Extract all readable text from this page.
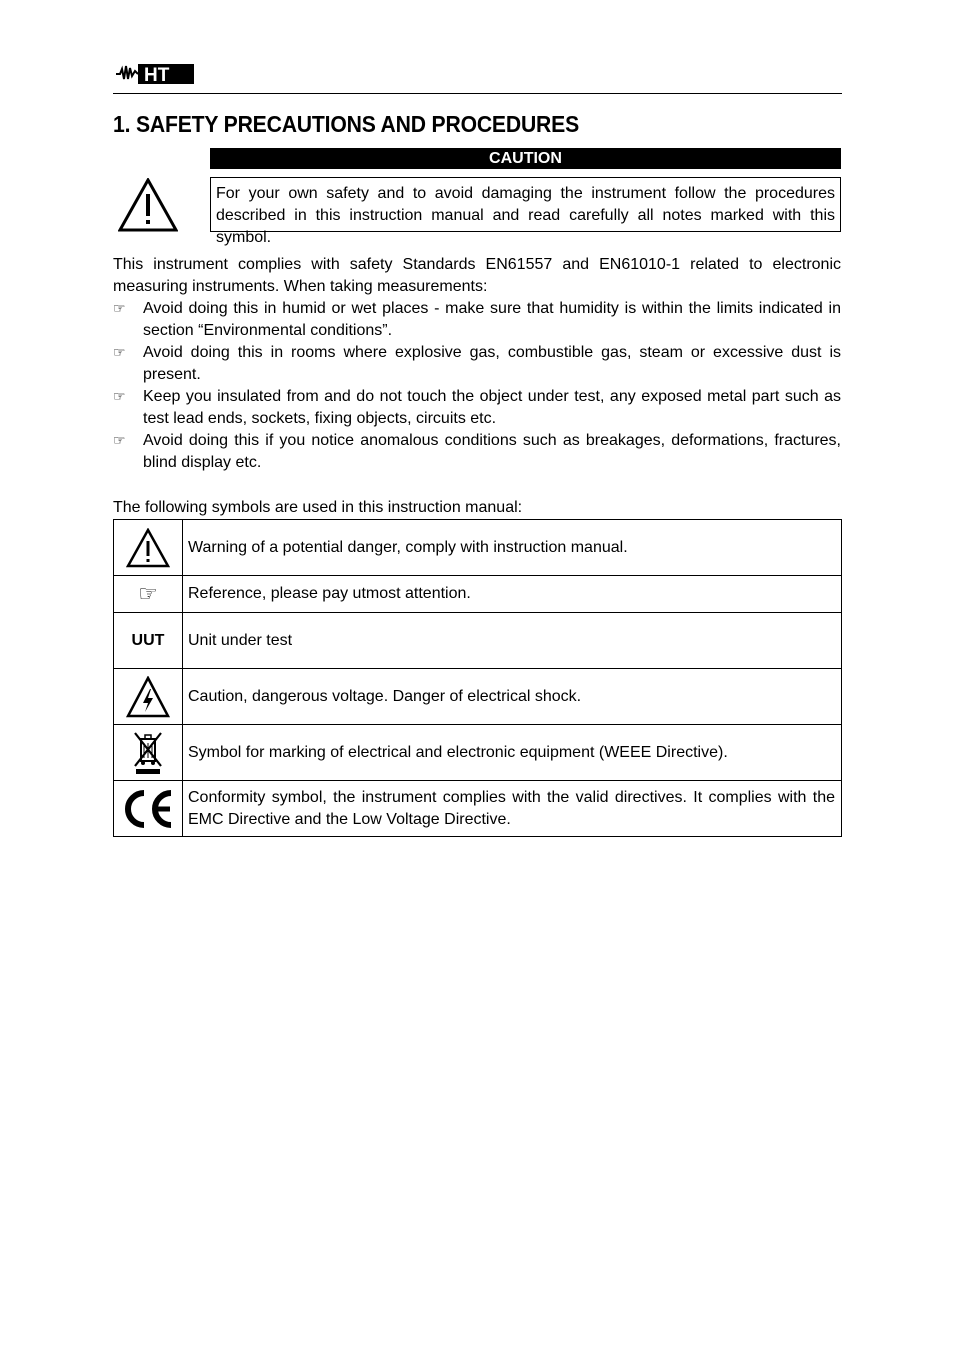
HT
1. SAFETY PRECAUTIONS AND PROCEDURES
CAUTION
For your own safety and to avoid damaging the instrument follow the procedures
described in this instruction manual and read carefully all notes marked with this symbol.
This instrument complies with safety Standards EN61557 and EN61010-1 related to electronic measuring instruments. When taking measurements:
☞ Avoid doing this in humid or wet places - make sure that humidity is within the limits indicated in section “Environmental conditions”.
☞ Avoid doing this in rooms where explosive gas, combustible gas, steam or excessive dust is present.
☞ Keep you insulated from and do not touch the object under test, any exposed metal part such as test lead ends, sockets, fixing objects, circuits etc.
☞ Avoid doing this if you notice anomalous conditions such as breakages, deformations, fractures, blind display etc.
The following symbols are used in this instruction manual:
	Warning of a potential danger, comply with instruction manual.
☞	Reference, please pay utmost attention.
UUT	Unit under test

	Caution, dangerous voltage. Danger of electrical shock.

	Symbol for marking of electrical and electronic equipment (WEEE Directive).

	Conformity symbol, the instrument complies with the valid directives. It complies with the EMC Directive and the Low Voltage Directive.
